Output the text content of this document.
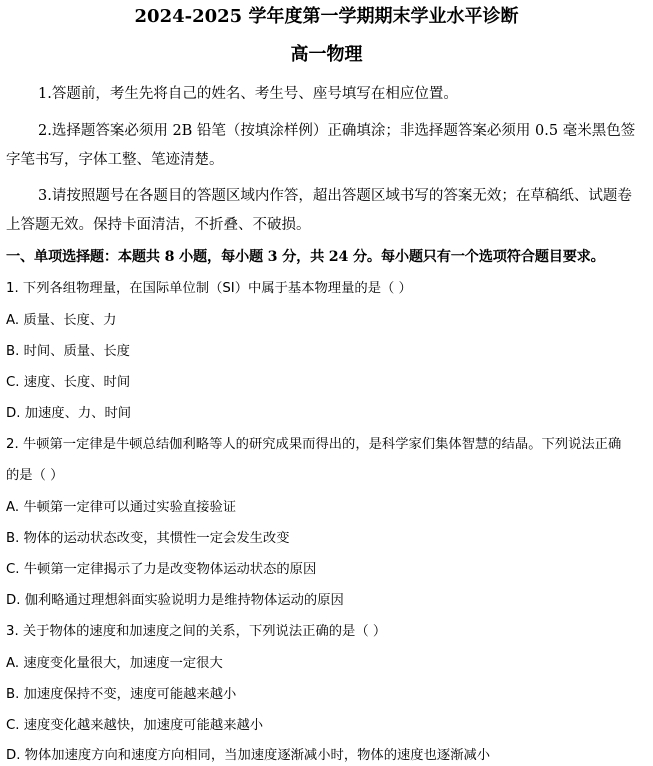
2024-2025 学年度第一学期期末学业水平诊断
高一物理
1.答题前，考生先将自己的姓名、考生号、座号填写在相应位置。
2.选择题答案必须用 2B 铅笔（按填涂样例）正确填涂；非选择题答案必须用 0.5 毫米黑色签字笔书写，字体工整、笔迹清楚。
3.请按照题号在各题目的答题区域内作答，超出答题区域书写的答案无效；在草稿纸、试题卷上答题无效。保持卡面清洁，不折叠、不破损。
一、单项选择题：本题共 8 小题，每小题 3 分，共 24 分。每小题只有一个选项符合题目要求。
1. 下列各组物理量，在国际单位制（SI）中属于基本物理量的是（ ）
A. 质量、长度、力
B. 时间、质量、长度
C. 速度、长度、时间
D. 加速度、力、时间
2. 牛顿第一定律是牛顿总结伽利略等人的研究成果而得出的，是科学家们集体智慧的结晶。下列说法正确
的是（ ）
A. 牛顿第一定律可以通过实验直接验证
B. 物体的运动状态改变，其惯性一定会发生改变
C. 牛顿第一定律揭示了力是改变物体运动状态的原因
D. 伽利略通过理想斜面实验说明力是维持物体运动的原因
3. 关于物体的速度和加速度之间的关系，下列说法正确的是（ ）
A. 速度变化量很大，加速度一定很大
B. 加速度保持不变，速度可能越来越小
C. 速度变化越来越快，加速度可能越来越小
D. 物体加速度方向和速度方向相同，当加速度逐渐减小时，物体的速度也逐渐减小
